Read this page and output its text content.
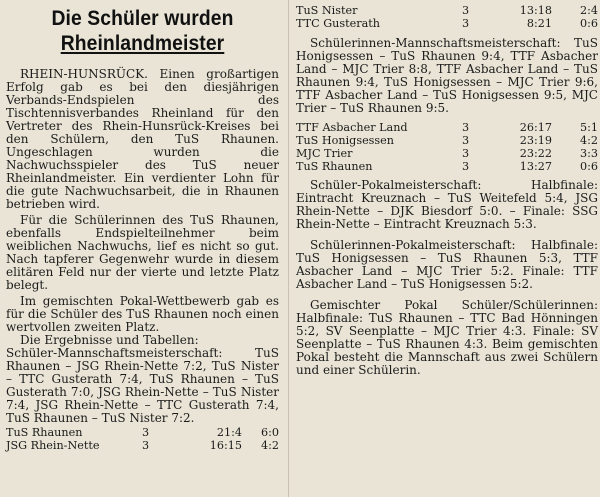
Die Schüler wurden
Rheinlandmeister

RHEIN-HUNSRÜCK. Einen großartigen Erfolg gab es bei den diesjährigen Verbands-Endspielen des Tischtennisverbandes Rheinland für den Vertreter des Rhein-Hunsrück-Kreises bei den Schülern, den TuS Rhaunen. Ungeschlagen wurden die Nachwuchsspieler des TuS neuer Rheinlandmeister. Ein verdienter Lohn für die gute Nachwuchsarbeit, die in Rhaunen betrieben wird.

Für die Schülerinnen des TuS Rhaunen, ebenfalls Endspielteilnehmer beim weiblichen Nachwuchs, lief es nicht so gut. Nach tapferer Gegenwehr wurde in diesem elitären Feld nur der vierte und letzte Platz belegt.

Im gemischten Pokal-Wettbewerb gab es für die Schüler des TuS Rhaunen noch einen wertvollen zweiten Platz.

Die Ergebnisse und Tabellen:

Schüler-Mannschaftsmeisterschaft: TuS Rhaunen – JSG Rhein-Nette 7:2, TuS Nister – TTC Gusterath 7:4, TuS Rhaunen – TuS Gusterath 7:0, JSG Rhein-Nette – TuS Nister 7:4, JSG Rhein-Nette – TTC Gusterath 7:4, TuS Rhaunen – TuS Nister 7:2.

TuS Rhaunen	3	21:4	6:0
JSG Rhein-Nette	3	16:15	4:2
TuS Nister	3	13:18	2:4
TTC Gusterath	3	8:21	0:6

Schülerinnen-Mannschaftsmeisterschaft: TuS Honigsessen – TuS Rhaunen 9:4, TTF Asbacher Land – MJC Trier 8:8, TTF Asbacher Land – TuS Rhaunen 9:4, TuS Honigsessen – MJC Trier 9:6, TTF Asbacher Land – TuS Honigsessen 9:5, MJC Trier – TuS Rhaunen 9:5.

TTF Asbacher Land	3	26:17	5:1
TuS Honigsessen	3	23:19	4:2
MJC Trier	3	23:22	3:3
TuS Rhaunen	3	13:27	0:6

Schüler-Pokalmeisterschaft: Halbfinale: Eintracht Kreuznach – TuS Weitefeld 5:4, JSG Rhein-Nette – DJK Biesdorf 5:0. – Finale: SSG Rhein-Nette – Eintracht Kreuznach 5:3.

Schülerinnen-Pokalmeisterschaft: Halbfinale: TuS Honigsessen – TuS Rhaunen 5:3, TTF Asbacher Land – MJC Trier 5:2. Finale: TTF Asbacher Land – TuS Honigsessen 5:2.

Gemischter Pokal Schüler/Schülerinnen: Halbfinale: TuS Rhaunen – TTC Bad Hönningen 5:2, SV Seenplatte – MJC Trier 4:3. Finale: SV Seenplatte – TuS Rhaunen 4:3. Beim gemischten Pokal besteht die Mannschaft aus zwei Schülern und einer Schülerin.
